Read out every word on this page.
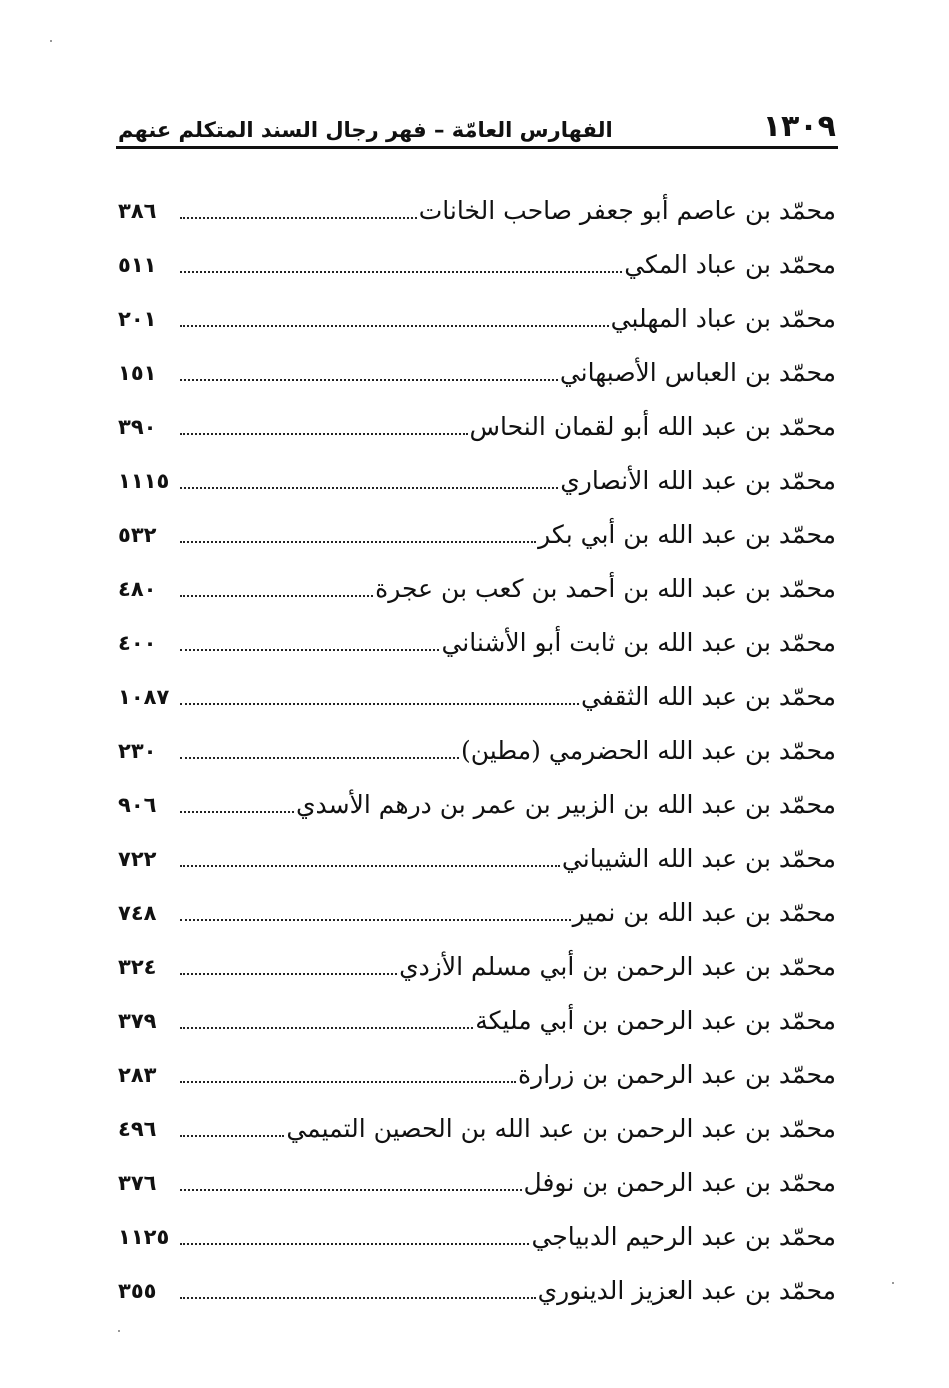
١٣٠٩
الفهارس العامّة – فهر رجال السند المتكلم عنهم
محمّد بن عاصم أبو جعفر صاحب الخانات
٣٨٦
محمّد بن عباد المكي
٥١١
محمّد بن عباد المهلبي
٢٠١
محمّد بن العباس الأصبهاني
١٥١
محمّد بن عبد الله أبو لقمان النحاس
٣٩٠
محمّد بن عبد الله الأنصاري
١١١٥
محمّد بن عبد الله بن أبي بكر
٥٣٢
محمّد بن عبد الله بن أحمد بن كعب بن عجرة
٤٨٠
محمّد بن عبد الله بن ثابت أبو الأشناني
٤٠٠
محمّد بن عبد الله الثقفي
١٠٨٧
محمّد بن عبد الله الحضرمي (مطين)
٢٣٠
محمّد بن عبد الله بن الزبير بن عمر بن درهم الأسدي
٩٠٦
محمّد بن عبد الله الشيباني
٧٢٢
محمّد بن عبد الله بن نمير
٧٤٨
محمّد بن عبد الرحمن بن أبي مسلم الأزدي
٣٢٤
محمّد بن عبد الرحمن بن أبي مليكة
٣٧٩
محمّد بن عبد الرحمن بن زرارة
٢٨٣
محمّد بن عبد الرحمن بن عبد الله بن الحصين التميمي
٤٩٦
محمّد بن عبد الرحمن بن نوفل
٣٧٦
محمّد بن عبد الرحيم الدبياجي
١١٢٥
محمّد بن عبد العزيز الدينوري
٣٥٥
